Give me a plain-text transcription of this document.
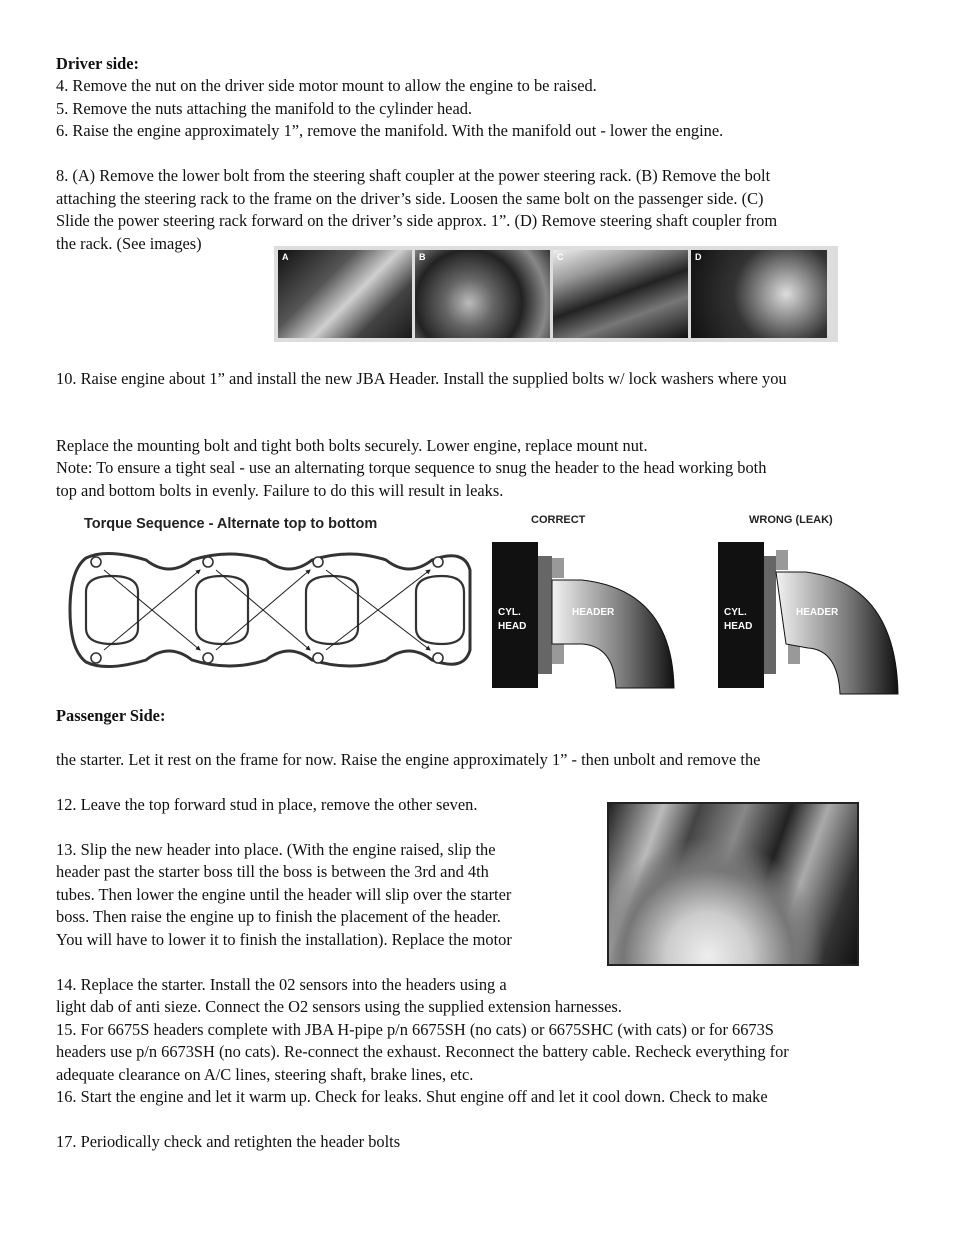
Driver side:
4. Remove the nut on the driver side motor mount to allow the engine to be raised.
5. Remove the nuts attaching the manifold to the cylinder head.
6. Raise the engine approximately 1”, remove the manifold. With the manifold out - lower the engine.
8. (A) Remove the lower bolt from the steering shaft coupler at the power steering rack. (B) Remove the bolt
attaching the steering rack to the frame on the driver’s side. Loosen the same bolt on the passenger side. (C)
Slide the power steering rack forward on the driver’s side approx. 1”. (D) Remove steering shaft coupler from
the rack. (See images)
A	B	C	D
10. Raise engine about 1” and install the new JBA Header. Install the supplied bolts w/ lock washers where you
Replace the mounting bolt and tight both bolts securely. Lower engine, replace mount nut.
Note: To ensure a tight seal - use an alternating torque sequence to snug the header to the head working both
top and bottom bolts in evenly. Failure to do this will result in leaks.
Torque Sequence - Alternate top to bottom	CORRECT
CYL.
HEAD
HEADER
WRONG (LEAK)
CYL.
HEAD
HEADER
Passenger Side:
the starter. Let it rest on the frame for now. Raise the engine approximately 1” - then unbolt and remove the
12. Leave the top forward stud in place, remove the other seven.
13. Slip the new header into place. (With the engine raised, slip the
header past the starter boss till the boss is between the 3rd and 4th
tubes. Then lower the engine until the header will slip over the starter
boss. Then raise the engine up to finish the placement of the header.
You will have to lower it to finish the installation). Replace the motor
14. Replace the starter. Install the 02 sensors into the headers using a
light dab of anti sieze. Connect the O2 sensors using the supplied extension harnesses.
15. For 6675S headers complete with JBA H-pipe p/n 6675SH (no cats) or 6675SHC (with cats) or for 6673S
headers use p/n 6673SH (no cats). Re-connect the exhaust. Reconnect the battery cable. Recheck everything for
adequate clearance on A/C lines, steering shaft, brake lines, etc.
16. Start the engine and let it warm up. Check for leaks. Shut engine off and let it cool down. Check to make
17. Periodically check and retighten the header bolts
